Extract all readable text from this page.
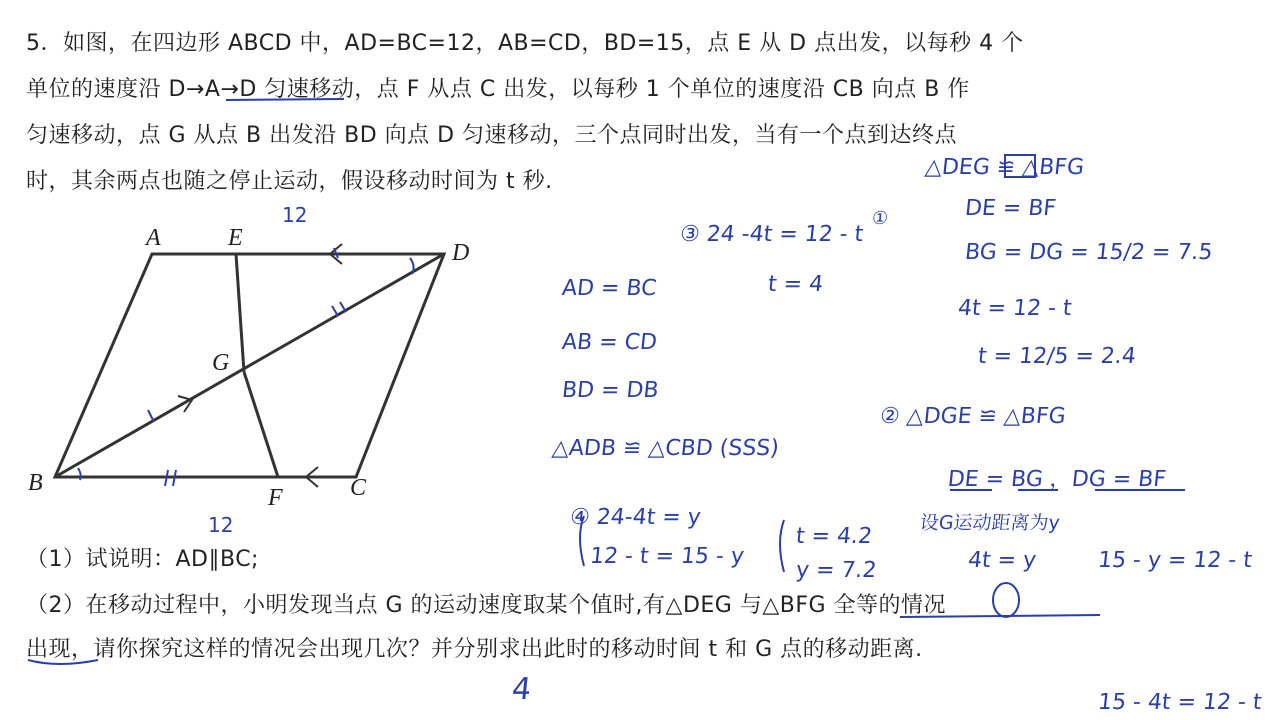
5．如图，在四边形 ABCD 中，AD=BC=12，AB=CD，BD=15，点 E 从 D 点出发，以每秒 4 个
单位的速度沿 D→A→D 匀速移动，点 F 从点 C 出发，以每秒 1 个单位的速度沿 CB 向点 B 作
匀速移动，点 G 从点 B 出发沿 BD 向点 D 匀速移动，三个点同时出发，当有一个点到达终点
时，其余两点也随之停止运动，假设移动时间为 t 秒.
（1）试说明：AD∥BC;
（2）在移动过程中，小明发现当点 G 的运动速度取某个值时,有△DEG 与△BFG 全等的情况
出现，请你探究这样的情况会出现几次？并分别求出此时的移动时间 t 和 G 点的移动距离.
A	E
D
G
B
F	C
12
12
③ 24 -4t = 12 - t
①
t = 4
AD = BC
AB = CD
BD = DB
△ADB ≌ △CBD (SSS)
△DEG ≌ △BFG
DE = BF
BG = DG = 15/2 = 7.5
4t = 12 - t
t = 12/5 = 2.4
② △DGE ≌ △BFG
DE = BG ，DG = BF
设G运动距离为y
4t = y	15 - y = 12 - t
④ 24-4t = y
12 - t = 15 - y
t = 4.2
y = 7.2
4	15 - 4t = 12 - t
